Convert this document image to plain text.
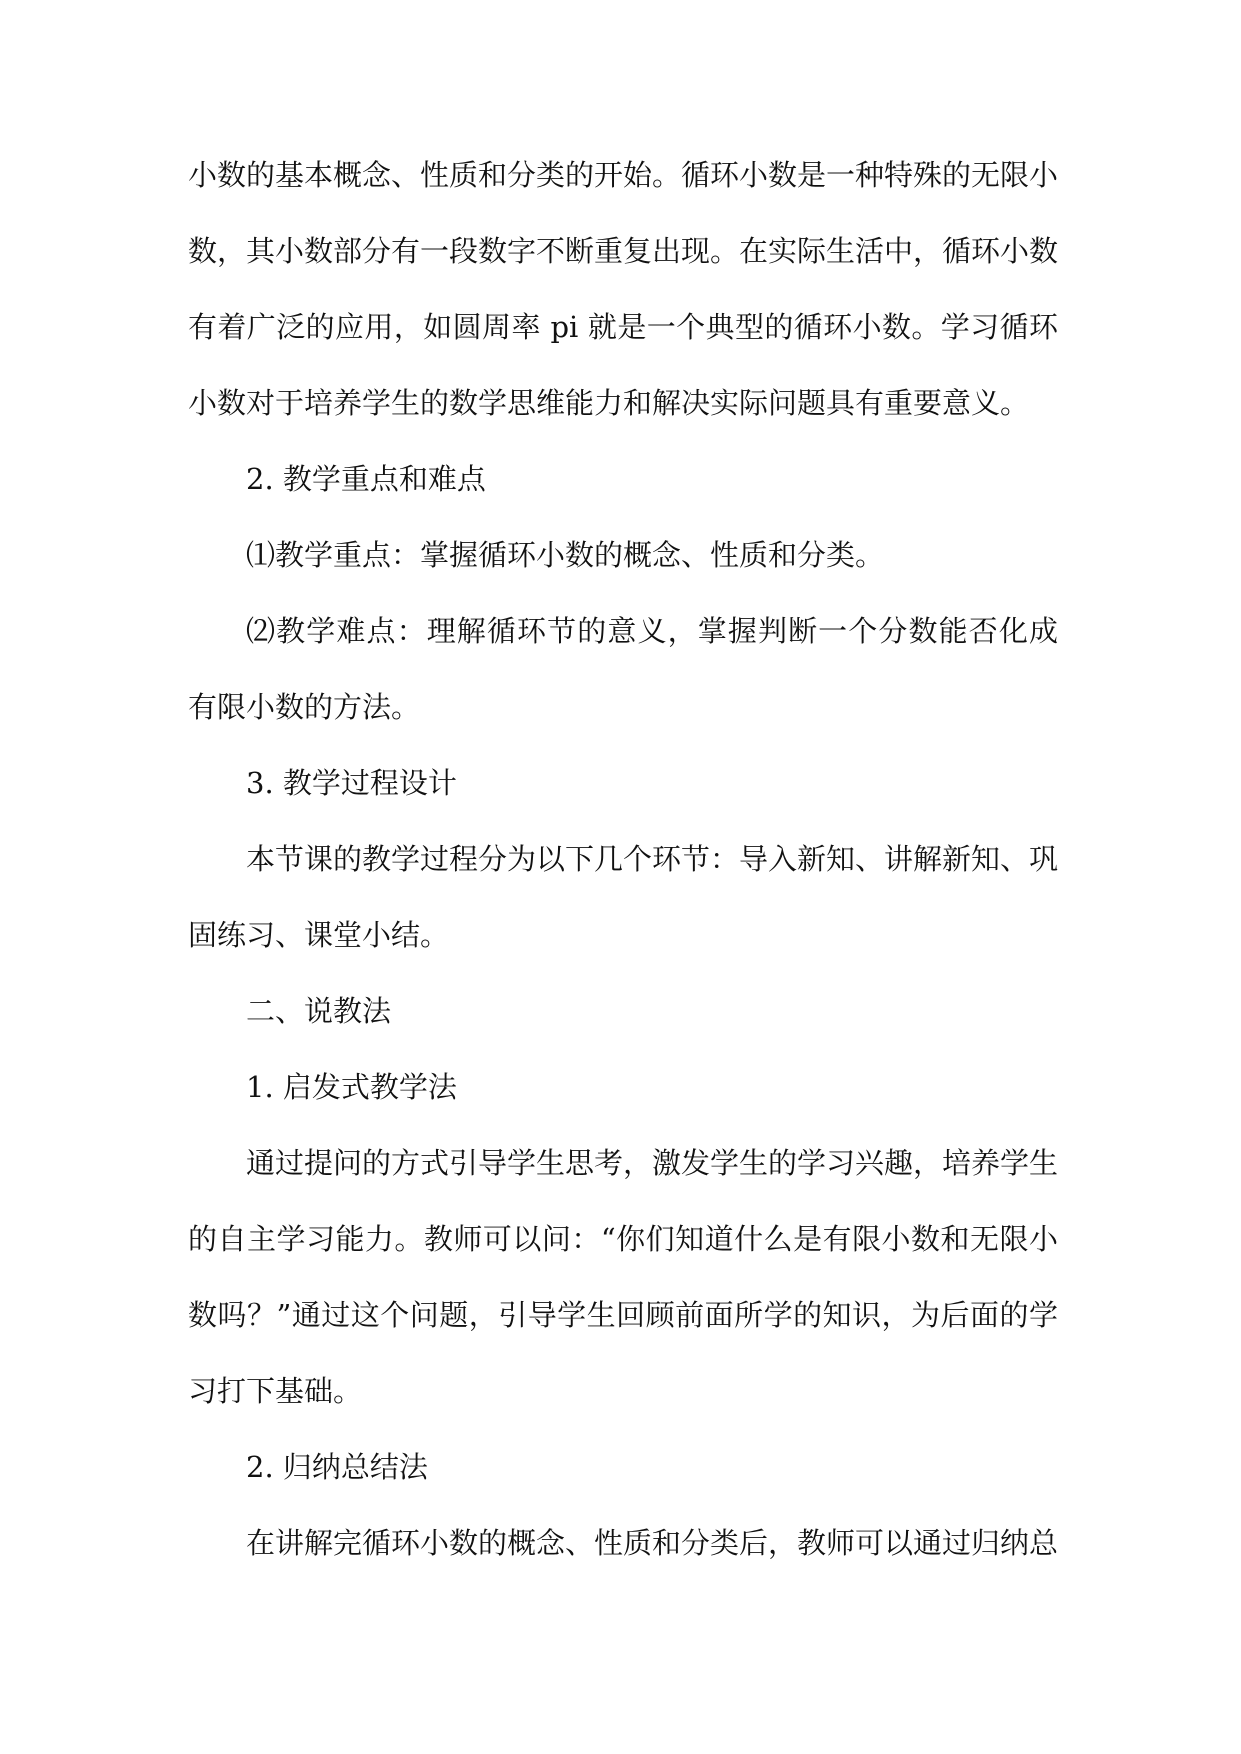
小数的基本概念、性质和分类的开始。循环小数是一种特殊的无限小
数，其小数部分有一段数字不断重复出现。在实际生活中，循环小数
有着广泛的应用，如圆周率 pi 就是一个典型的循环小数。学习循环
小数对于培养学生的数学思维能力和解决实际问题具有重要意义。
2. 教学重点和难点
⑴教学重点：掌握循环小数的概念、性质和分类。
⑵教学难点：理解循环节的意义，掌握判断一个分数能否化成
有限小数的方法。
3. 教学过程设计
本节课的教学过程分为以下几个环节：导入新知、讲解新知、巩
固练习、课堂小结。
二、说教法
1. 启发式教学法
通过提问的方式引导学生思考，激发学生的学习兴趣，培养学生
的自主学习能力。教师可以问：“你们知道什么是有限小数和无限小
数吗？”通过这个问题，引导学生回顾前面所学的知识，为后面的学
习打下基础。
2. 归纳总结法
在讲解完循环小数的概念、性质和分类后，教师可以通过归纳总
